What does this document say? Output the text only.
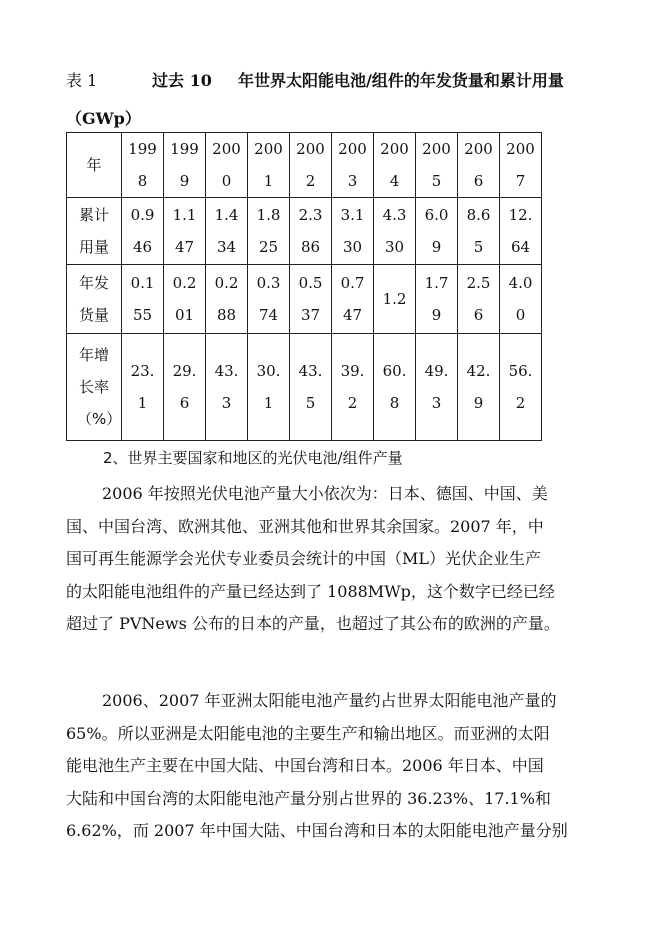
表 1	过去 10 年世界太阳能电池/组件的年发货量和累计用量
（GWp）
年	1998	1999	2000	2001	2002	2003	2004	2005	2006	2007

累计用量	0.946	1.147	1.434	1.825	2.386	3.130	4.330	6.09	8.65	12.64

年发货量	0.155	0.201	0.288	0.374	0.537	0.747	1.2	1.79	2.56	4.00

年增长率（%）	23.1	29.6	43.3	30.1	43.5	39.2	60.8	49.3	42.9	56.2
2、世界主要国家和地区的光伏电池/组件产量
2006 年按照光伏电池产量大小依次为：日本、德国、中国、美
国、中国台湾、欧洲其他、亚洲其他和世界其余国家。2007 年，中
国可再生能源学会光伏专业委员会统计的中国（ML）光伏企业生产
的太阳能电池组件的产量已经达到了 1088MWp，这个数字已经已经
超过了 PVNews 公布的日本的产量，也超过了其公布的欧洲的产量。
2006、2007 年亚洲太阳能电池产量约占世界太阳能电池产量的
65%。所以亚洲是太阳能电池的主要生产和输出地区。而亚洲的太阳
能电池生产主要在中国大陆、中国台湾和日本。2006 年日本、中国
大陆和中国台湾的太阳能电池产量分别占世界的 36.23%、17.1%和
6.62%，而 2007 年中国大陆、中国台湾和日本的太阳能电池产量分别
